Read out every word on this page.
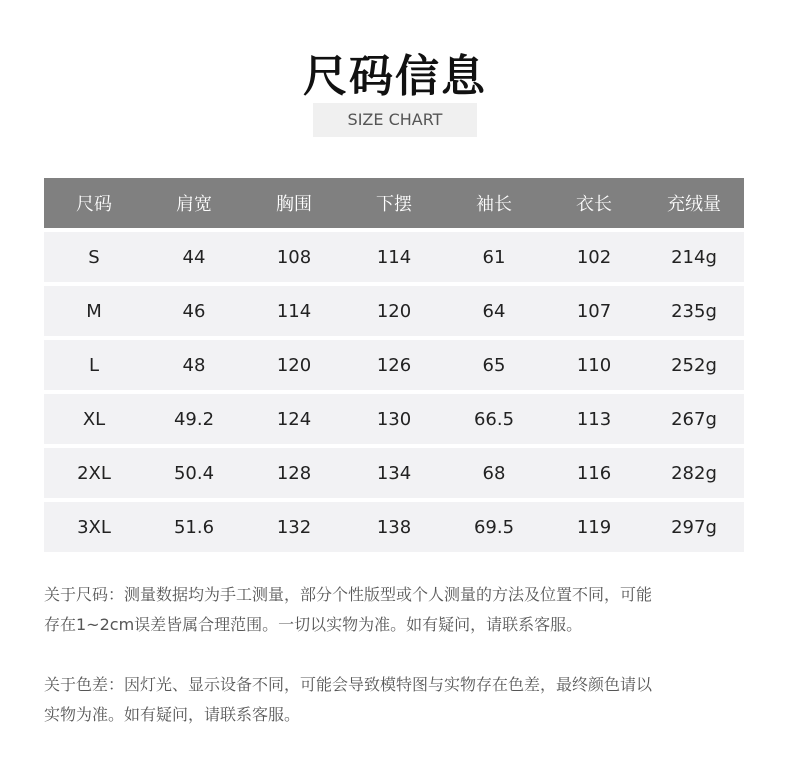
尺码信息
SIZE CHART
尺码	肩宽	胸围	下摆	袖长	衣长	充绒量
S	44	108	114	61	102	214g
M	46	114	120	64	107	235g
L	48	120	126	65	110	252g
XL	49.2	124	130	66.5	113	267g
2XL	50.4	128	134	68	116	282g
3XL	51.6	132	138	69.5	119	297g

关于尺码：测量数据均为手工测量，部分个性版型或个人测量的方法及位置不同，可能

存在1~2cm误差皆属合理范围。一切以实物为准。如有疑问，请联系客服。

关于色差：因灯光、显示设备不同，可能会导致模特图与实物存在色差，最终颜色请以

实物为准。如有疑问，请联系客服。
